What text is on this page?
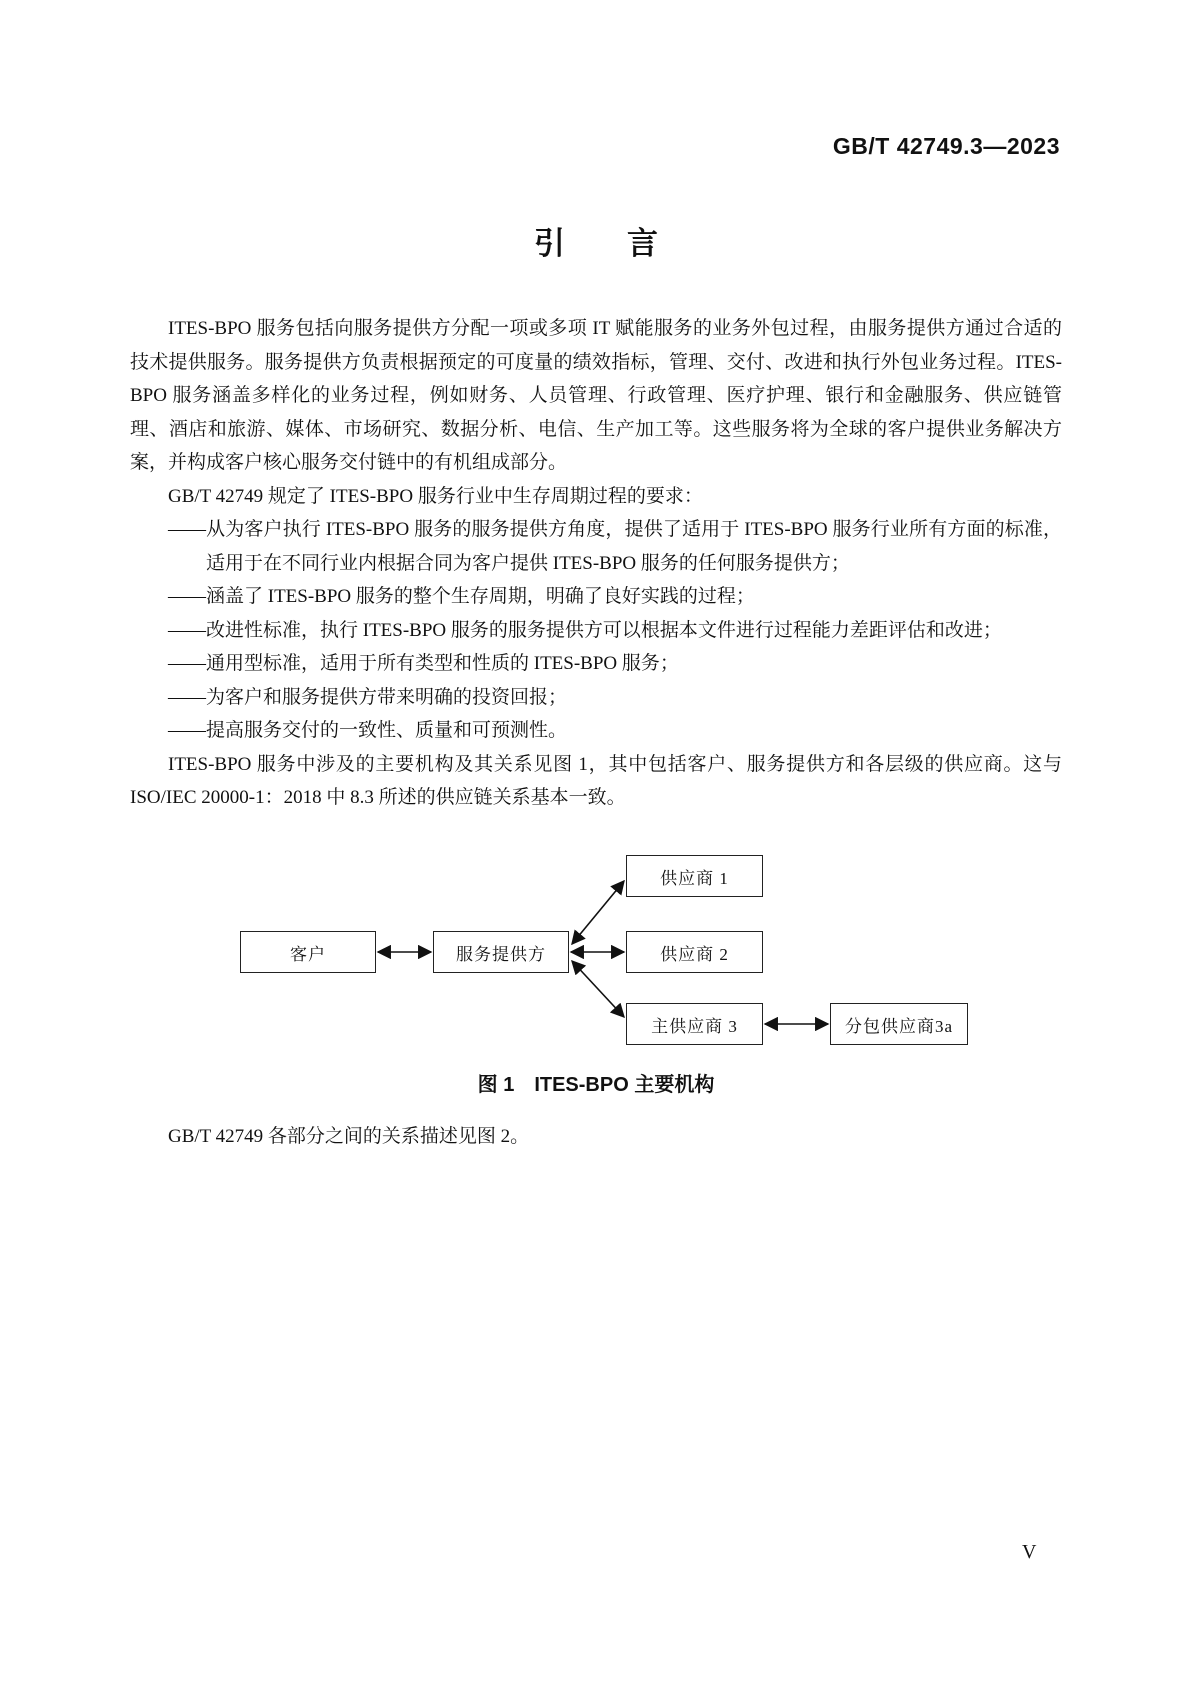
GB/T 42749.3—2023
引　　言

ITES-BPO 服务包括向服务提供方分配一项或多项 IT 赋能服务的业务外包过程，由服务提供方通过合适的技术提供服务。服务提供方负责根据预定的可度量的绩效指标，管理、交付、改进和执行外包业务过程。ITES-BPO 服务涵盖多样化的业务过程，例如财务、人员管理、行政管理、医疗护理、银行和金融服务、供应链管理、酒店和旅游、媒体、市场研究、数据分析、电信、生产加工等。这些服务将为全球的客户提供业务解决方案，并构成客户核心服务交付链中的有机组成部分。

GB/T 42749 规定了 ITES-BPO 服务行业中生存周期过程的要求：

——从为客户执行 ITES-BPO 服务的服务提供方角度，提供了适用于 ITES-BPO 服务行业所有方面的标准，适用于在不同行业内根据合同为客户提供 ITES-BPO 服务的任何服务提供方；
——涵盖了 ITES-BPO 服务的整个生存周期，明确了良好实践的过程；
——改进性标准，执行 ITES-BPO 服务的服务提供方可以根据本文件进行过程能力差距评估和改进；
——通用型标准，适用于所有类型和性质的 ITES-BPO 服务；
——为客户和服务提供方带来明确的投资回报；
——提高服务交付的一致性、质量和可预测性。

ITES-BPO 服务中涉及的主要机构及其关系见图 1，其中包括客户、服务提供方和各层级的供应商。这与 ISO/IEC 20000-1：2018 中 8.3 所述的供应链关系基本一致。

客户	服务提供方
供应商 1
供应商 2
主供应商 3	分包供应商3a
图 1　ITES-BPO 主要机构

GB/T 42749 各部分之间的关系描述见图 2。

V
